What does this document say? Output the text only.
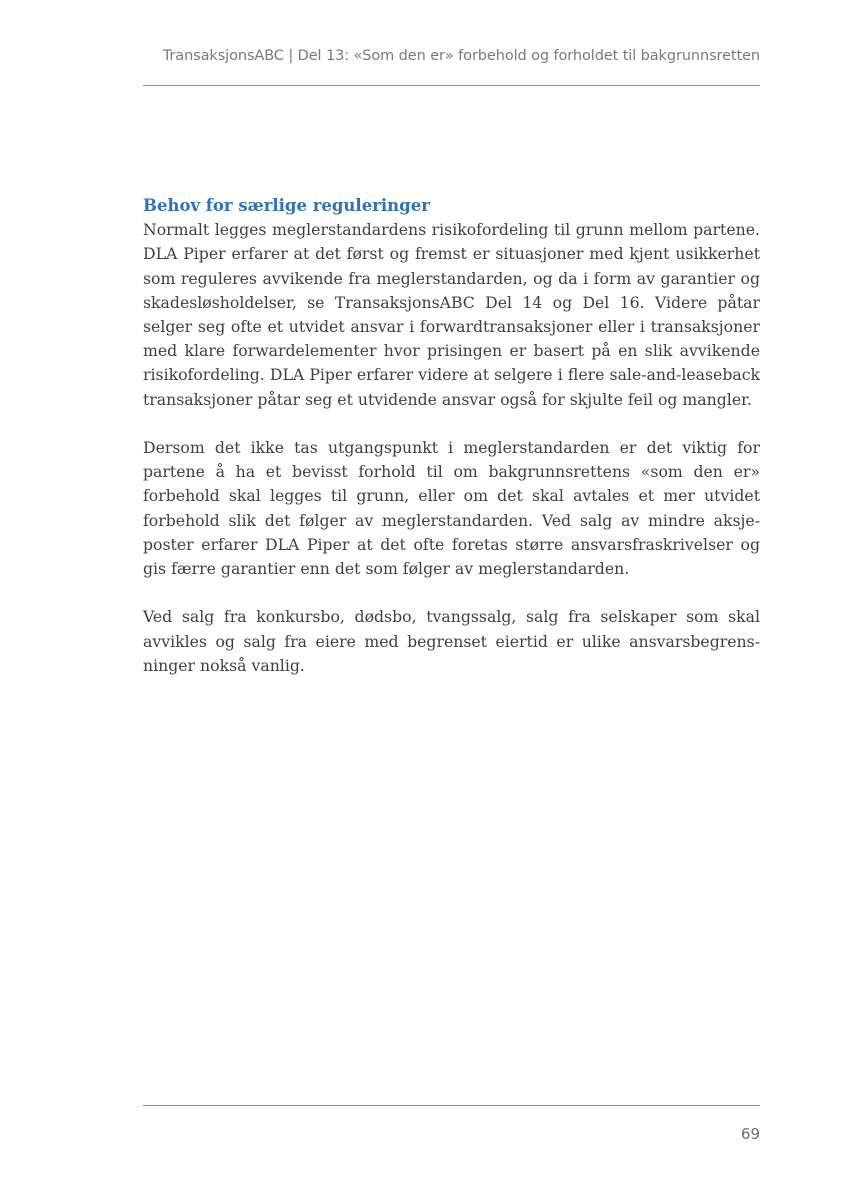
TransaksjonsABC | Del 13: «Som den er» forbehold og forholdet til bakgrunnsretten
Behov for særlige reguleringer

Normalt legges meglerstandardens risikofordeling til grunn mellom partene. DLA Piper erfarer at det først og fremst er situasjoner med kjent usikkerhet som reguleres avvikende fra meglerstandarden, og da i form av garantier og skadesløsholdelser, se TransaksjonsABC Del 14 og Del 16. Videre påtar selger seg ofte et utvidet ansvar i forwardtransaksjoner eller i transaksjoner med klare forwardelementer hvor prisingen er basert på en slik avvikende risikofordeling. DLA Piper erfarer videre at selgere i flere sale-and-leaseback transaksjoner påtar seg et utvidende ansvar også for skjulte feil og mangler.

Dersom det ikke tas utgangspunkt i meglerstandarden er det viktig for partene å ha et bevisst forhold til om bakgrunnsrettens «som den er» forbehold skal legges til grunn, eller om det skal avtales et mer utvidet forbehold slik det følger av meglerstandarden. Ved salg av mindre aksjeposter erfarer DLA Piper at det ofte foretas større ansvarsfraskrivelser og gis færre garantier enn det som følger av meglerstandarden.

Ved salg fra konkursbo, dødsbo, tvangssalg, salg fra selskaper som skal avvikles og salg fra eiere med begrenset eiertid er ulike ansvarsbegrensninger nokså vanlig.

69
